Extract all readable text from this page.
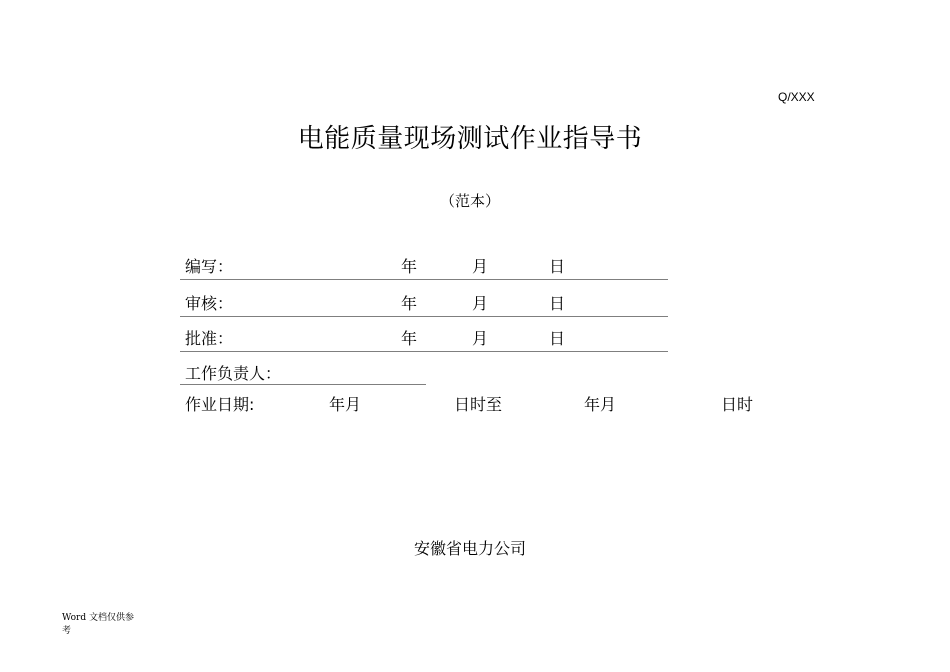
Q/XXX
电能质量现场测试作业指导书
（范本）
编写：	年	月	日
审核：	年	月	日
批准：	年	月	日
工作负责人：
作业日期:	年月	日时至	年月	日时
安徽省电力公司
Word 文档仅供参考
